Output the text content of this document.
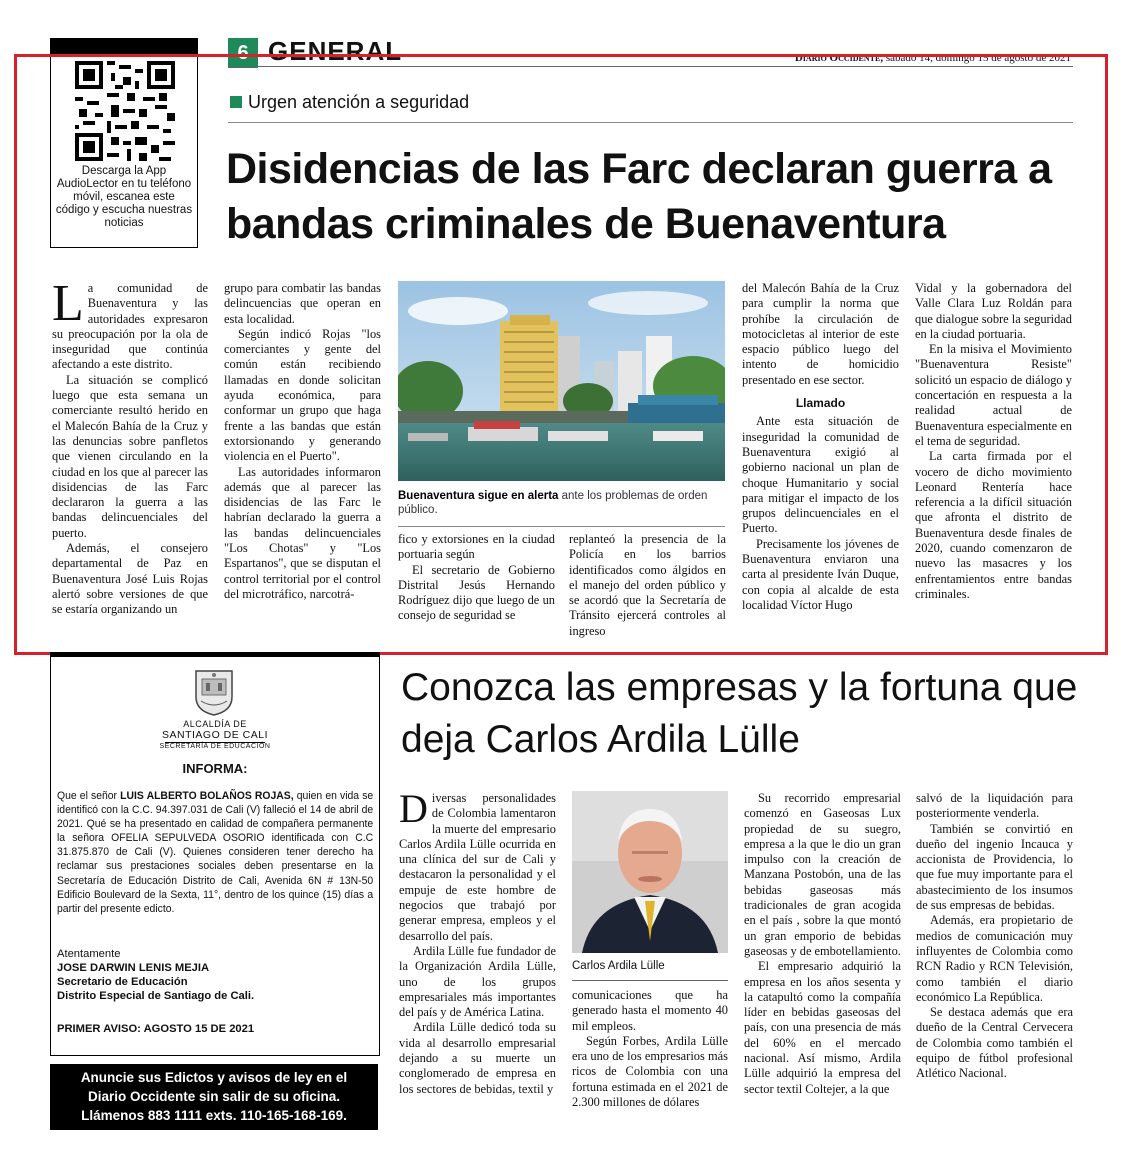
Descarga la App AudioLector en tu teléfono móvil, escanea este código y escucha nuestras noticias
6 GENERAL	Diario Occidente, sábado 14, domingo 15 de agosto de 2021
Urgen atención a seguridad
Disidencias de las Farc declaran guerra a bandas criminales de Buenaventura

La comunidad de Buenaventura y las autoridades expresaron su preocupación por la ola de inseguridad que continúa afectando a este distrito.

La situación se complicó luego que esta semana un comerciante resultó herido en el Malecón Bahía de la Cruz y las denuncias sobre panfletos que vienen circulando en la ciudad en los que al parecer las disidencias de las Farc declararon la guerra a las bandas delincuenciales del puerto.

Además, el consejero departamental de Paz en Buenaventura José Luis Rojas alertó sobre versiones de que se estaría organizando un

grupo para combatir las bandas delincuencias que operan en esta localidad.

Según indicó Rojas "los comerciantes y gente del común están recibiendo llamadas en donde solicitan ayuda económica, para conformar un grupo que haga frente a las bandas que están extorsionando y generando violencia en el Puerto".

Las autoridades informaron además que al parecer las disidencias de las Farc le habrían declarado la guerra a las bandas delincuenciales "Los Chotas" y "Los Espartanos", que se disputan el control territorial por el control del microtráfico, narcotrá-

Buenaventura sigue en alerta ante los problemas de orden público.

fico y extorsiones en la ciudad portuaria según

El secretario de Gobierno Distrital Jesús Hernando Rodríguez dijo que luego de un consejo de seguridad se

replanteó la presencia de la Policía en los barrios identificados como álgidos en el manejo del orden público y se acordó que la Secretaría de Tránsito ejercerá controles al ingreso

del Malecón Bahía de la Cruz para cumplir la norma que prohíbe la circulación de motocicletas al interior de este espacio público luego del intento de homicidio presentado en ese sector.

Llamado

Ante esta situación de inseguridad la comunidad de Buenaventura exigió al gobierno nacional un plan de choque Humanitario y social para mitigar el impacto de los grupos delincuenciales en el Puerto.

Precisamente los jóvenes de Buenaventura enviaron una carta al presidente Iván Duque, con copia al alcalde de esta localidad Víctor Hugo

Vidal y la gobernadora del Valle Clara Luz Roldán para que dialogue sobre la seguridad en la ciudad portuaria.

En la misiva el Movimiento "Buenaventura Resiste" solicitó un espacio de diálogo y concertación en respuesta a la realidad actual de Buenaventura especialmente en el tema de seguridad.

La carta firmada por el vocero de dicho movimiento Leonard Rentería hace referencia a la difícil situación que afronta el distrito de Buenaventura desde finales de 2020, cuando comenzaron de nuevo las masacres y los enfrentamientos entre bandas criminales.

ALCALDÍA DE
SANTIAGO DE CALI
SECRETARÍA DE EDUCACIÓN
INFORMA:
Que el señor LUIS ALBERTO BOLAÑOS ROJAS, quien en vida se identificó con la C.C. 94.397.031 de Cali (V) falleció el 14 de abril de 2021. Qué se ha presentado en calidad de compañera permanente la señora OFELIA SEPULVEDA OSORIO identificada con C.C 31.875.870 de Cali (V). Quienes consideren tener derecho ha reclamar sus prestaciones sociales deben presentarse en la Secretaría de Educación Distrito de Cali, Avenida 6N # 13N-50 Edificio Boulevard de la Sexta, 11°, dentro de los quince (15) días a partir del presente edicto.
Atentamente
JOSE DARWIN LENIS MEJIA
Secretario de Educación
Distrito Especial de Santiago de Cali.
PRIMER AVISO: AGOSTO 15 DE 2021
Anuncie sus Edictos y avisos de ley en el
Diario Occidente sin salir de su oficina.
Llámenos 883 1111 exts. 110-165-168-169.
Conozca las empresas y la fortuna que deja Carlos Ardila Lülle

Diversas personalidades de Colombia lamentaron la muerte del empresario Carlos Ardila Lülle ocurrida en una clínica del sur de Cali y destacaron la personalidad y el empuje de este hombre de negocios que trabajó por generar empresa, empleos y el desarrollo del país.

Ardila Lülle fue fundador de la Organización Ardila Lülle, uno de los grupos empresariales más importantes del país y de América Latina.

Ardila Lülle dedicó toda su vida al desarrollo empresarial dejando a su muerte un conglomerado de empresa en los sectores de bebidas, textil y

Carlos Ardila Lülle

comunicaciones que ha generado hasta el momento 40 mil empleos.

Según Forbes, Ardila Lülle era uno de los empresarios más ricos de Colombia con una fortuna estimada en el 2021 de 2.300 millones de dólares

Su recorrido empresarial comenzó en Gaseosas Lux propiedad de su suegro, empresa a la que le dio un gran impulso con la creación de Manzana Postobón, una de las bebidas gaseosas más tradicionales de gran acogida en el país , sobre la que montó un gran emporio de bebidas gaseosas y de embotellamiento.

El empresario adquirió la empresa en los años sesenta y la catapultó como la compañía líder en bebidas gaseosas del país, con una presencia de más del 60% en el mercado nacional. Así mismo, Ardila Lülle adquirió la empresa del sector textil Coltejer, a la que

salvó de la liquidación para posteriormente venderla.

También se convirtió en dueño del ingenio Incauca y accionista de Providencia, lo que fue muy importante para el abastecimiento de los insumos de sus empresas de bebidas.

Además, era propietario de medios de comunicación muy influyentes de Colombia como RCN Radio y RCN Televisión, como también el diario económico La República.

Se destaca además que era dueño de la Central Cervecera de Colombia como también el equipo de fútbol profesional Atlético Nacional.
